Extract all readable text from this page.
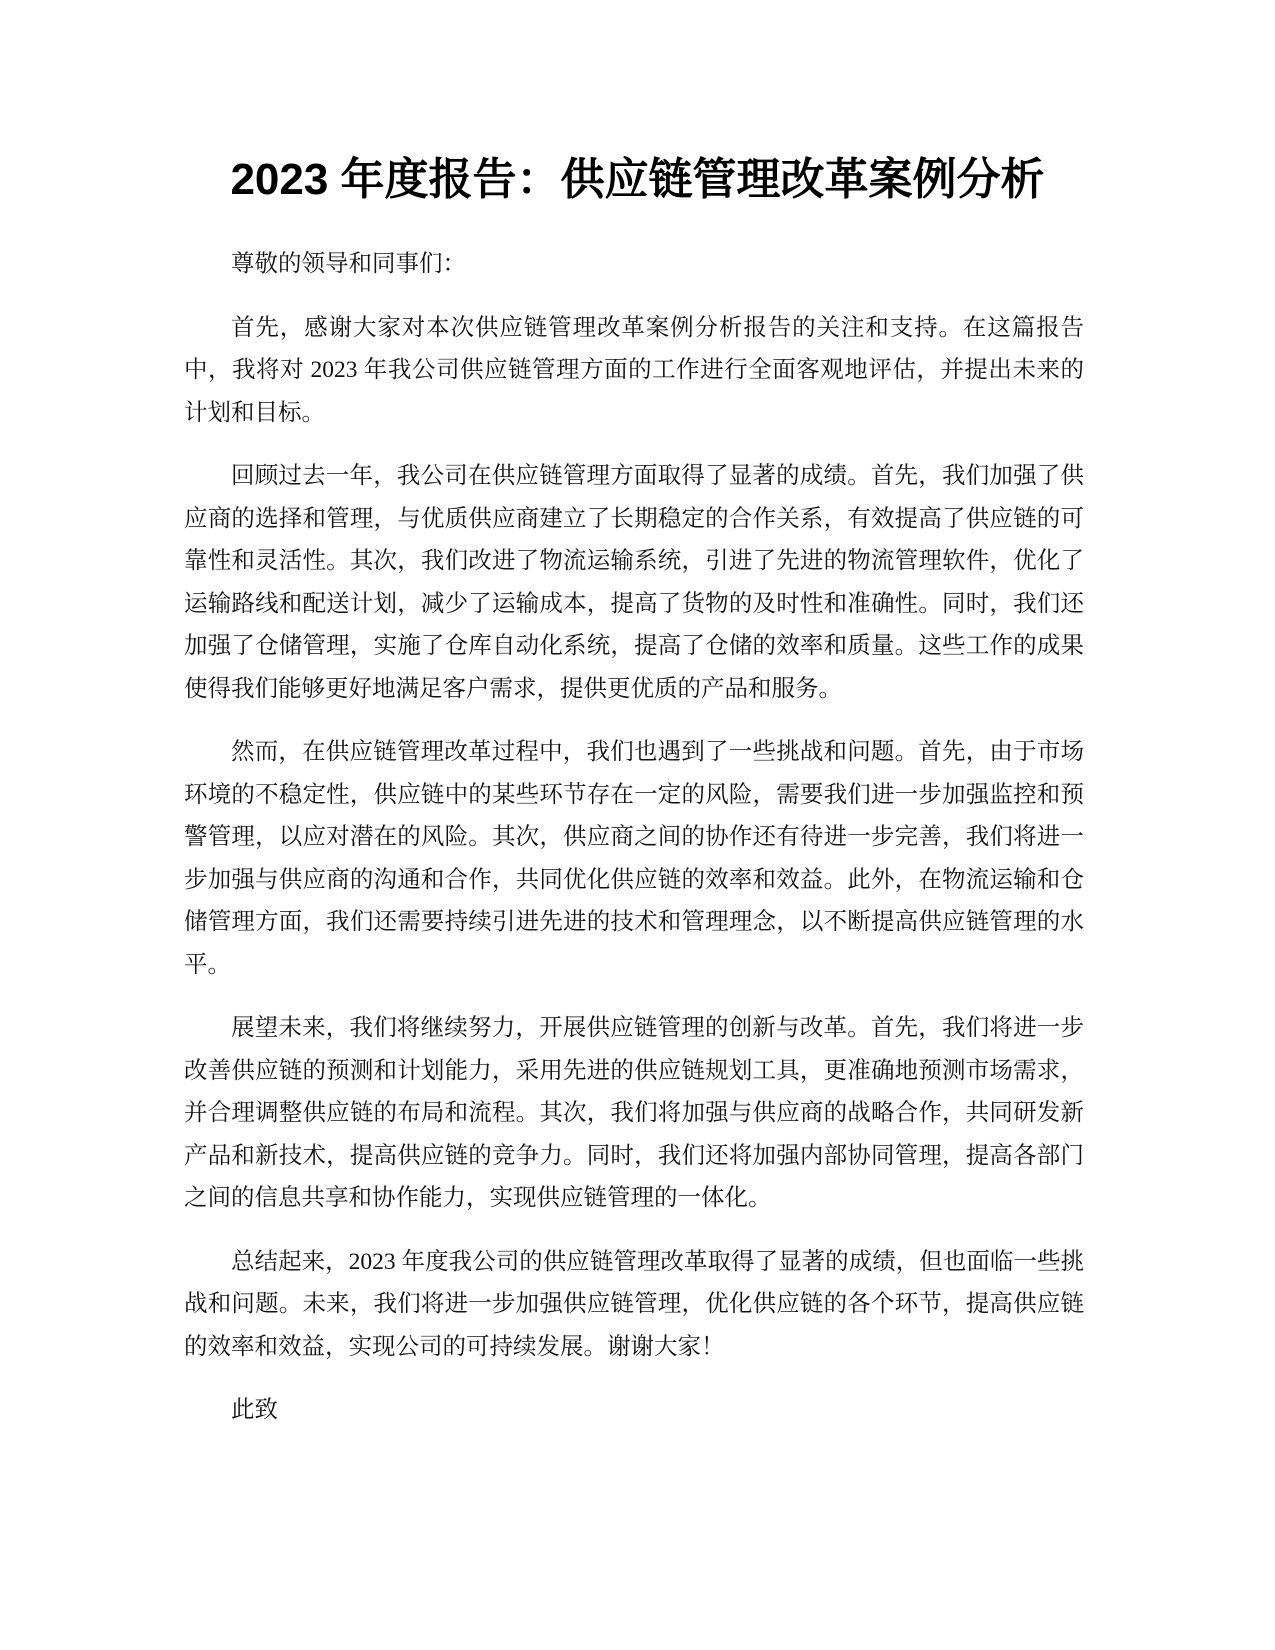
2023 年度报告：供应链管理改革案例分析

尊敬的领导和同事们：

首先，感谢大家对本次供应链管理改革案例分析报告的关注和支持。在这篇报告中，我将对 2023 年我公司供应链管理方面的工作进行全面客观地评估，并提出未来的计划和目标。

回顾过去一年，我公司在供应链管理方面取得了显著的成绩。首先，我们加强了供应商的选择和管理，与优质供应商建立了长期稳定的合作关系，有效提高了供应链的可靠性和灵活性。其次，我们改进了物流运输系统，引进了先进的物流管理软件，优化了运输路线和配送计划，减少了运输成本，提高了货物的及时性和准确性。同时，我们还加强了仓储管理，实施了仓库自动化系统，提高了仓储的效率和质量。这些工作的成果使得我们能够更好地满足客户需求，提供更优质的产品和服务。

然而，在供应链管理改革过程中，我们也遇到了一些挑战和问题。首先，由于市场环境的不稳定性，供应链中的某些环节存在一定的风险，需要我们进一步加强监控和预警管理，以应对潜在的风险。其次，供应商之间的协作还有待进一步完善，我们将进一步加强与供应商的沟通和合作，共同优化供应链的效率和效益。此外，在物流运输和仓储管理方面，我们还需要持续引进先进的技术和管理理念，以不断提高供应链管理的水平。

展望未来，我们将继续努力，开展供应链管理的创新与改革。首先，我们将进一步改善供应链的预测和计划能力，采用先进的供应链规划工具，更准确地预测市场需求，并合理调整供应链的布局和流程。其次，我们将加强与供应商的战略合作，共同研发新产品和新技术，提高供应链的竞争力。同时，我们还将加强内部协同管理，提高各部门之间的信息共享和协作能力，实现供应链管理的一体化。

总结起来，2023 年度我公司的供应链管理改革取得了显著的成绩，但也面临一些挑战和问题。未来，我们将进一步加强供应链管理，优化供应链的各个环节，提高供应链的效率和效益，实现公司的可持续发展。谢谢大家！

此致
